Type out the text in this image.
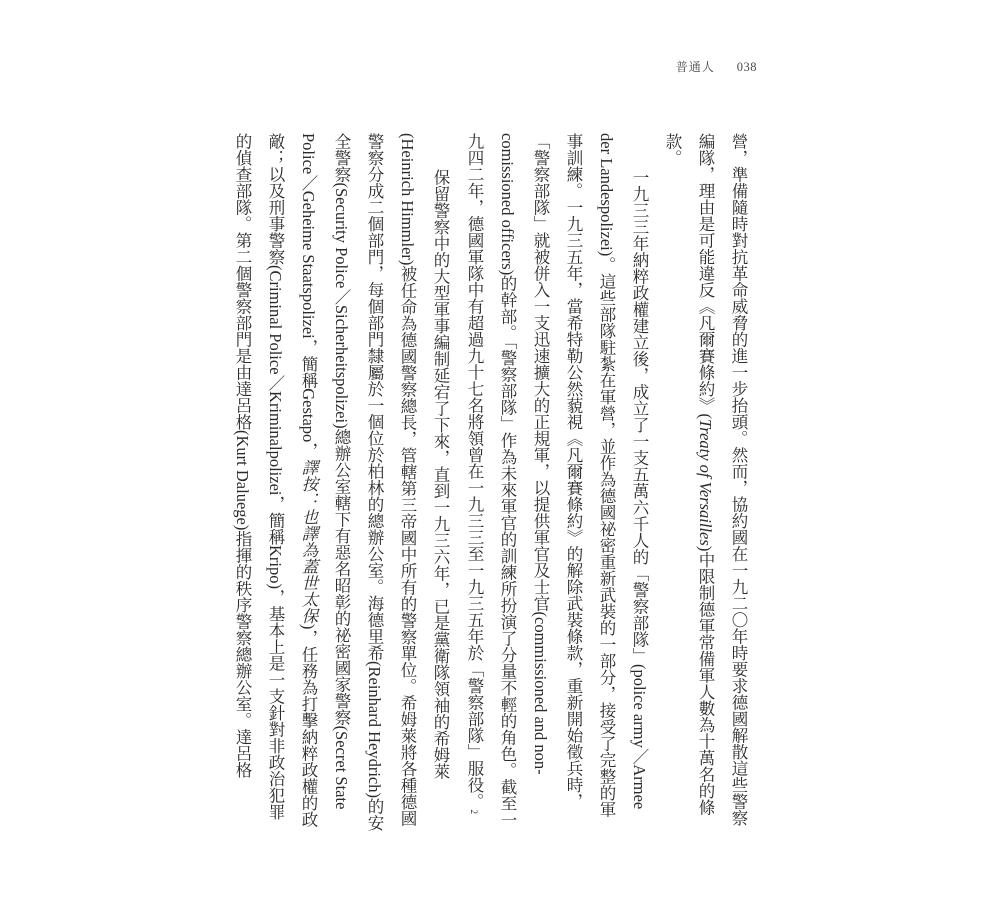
普通人 038

營，準備隨時對抗革命威脅的進一步抬頭。然而，協約國在一九二〇年時要求德國解散這些警察編隊，理由是可能違反《凡爾賽條約》(Treaty of Versailles)中限制德軍常備軍人數為十萬名的條款。

一九三三年納粹政權建立後，成立了一支五萬六千人的「警察部隊」(police army／Armee der Landespolizei)。這些部隊駐紮在軍營，並作為德國祕密重新武裝的一部分，接受了完整的軍事訓練。一九三五年，當希特勒公然藐視《凡爾賽條約》的解除武裝條款，重新開始徵兵時，「警察部隊」就被併入一支迅速擴大的正規軍，以提供軍官及士官(commissioned and non-comissioned officers)的幹部。「警察部隊」作為未來軍官的訓練所扮演了分量不輕的角色。截至一九四二年，德國軍隊中有超過九十七名將領曾在一九三三至一九三五年於「警察部隊」服役。2

保留警察中的大型軍事編制延宕了下來，直到一九三六年，已是黨衛隊領袖的希姆萊(Heinrich Himmler)被任命為德國警察總長，管轄第三帝國中所有的警察單位。希姆萊將各種德國警察分成二個部門，每個部門隸屬於一個位於柏林的總辦公室。海德里希(Reinhard Heydrich)的安全警察(Security Police／Sicherheitspolizei)總辦公室轄下有惡名昭彰的祕密國家警察(Secret State Police／Geheime Staatspolizei，簡稱Gestapo，譯按：也譯為蓋世太保)，任務為打擊納粹政權的政敵；以及刑事警察(Criminal Police／Kriminalpolizei，簡稱Kripo)，基本上是一支針對非政治犯罪的偵查部隊。第二個警察部門是由達呂格(Kurt Daluege)指揮的秩序警察總辦公室。達呂格
